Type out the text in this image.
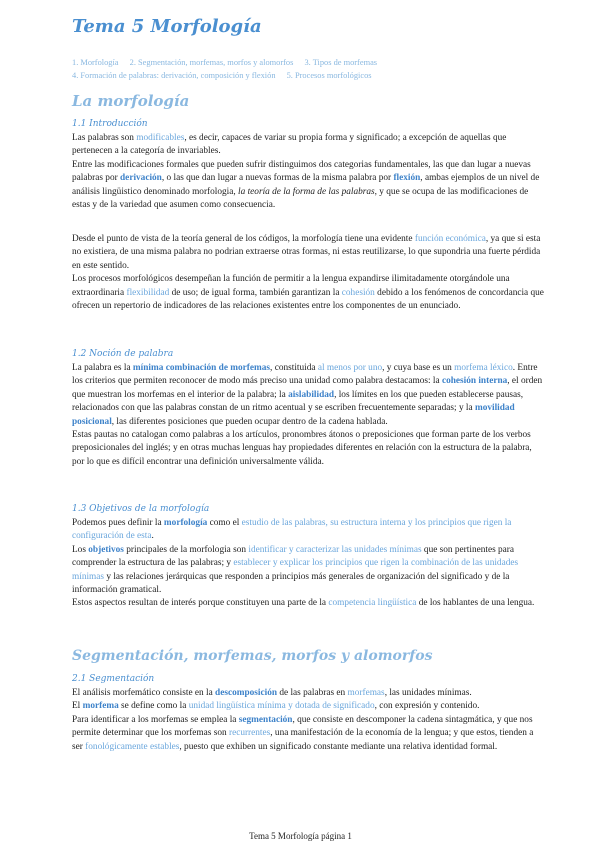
Tema 5 Morfología
1. Morfología 2. Segmentación, morfemas, morfos y alomorfos 3. Tipos de morfemas
4. Formación de palabras: derivación, composición y flexión 5. Procesos morfológicos
La morfología
1.1 Introducción

Las palabras son modificables, es decir, capaces de variar su propia forma y significado; a excepción de aquellas que pertenecen a la categoría de invariables.

Entre las modificaciones formales que pueden sufrir distinguimos dos categorias fundamentales, las que dan lugar a nuevas palabras por derivación, o las que dan lugar a nuevas formas de la misma palabra por flexión, ambas ejemplos de un nivel de análisis lingüistico denominado morfologia, la teoría de la forma de las palabras, y que se ocupa de las modificaciones de estas y de la variedad que asumen como consecuencia.

Desde el punto de vista de la teoría general de los códigos, la morfología tiene una evidente función económica, ya que si esta no existiera, de una misma palabra no podrian extraerse otras formas, ni estas reutilizarse, lo que supondria una fuerte pérdida en este sentido.

Los procesos morfológicos desempeñan la función de permitir a la lengua expandirse ilimitadamente otorgándole una extraordinaria flexibilidad de uso; de igual forma, también garantizan la cohesión debido a los fenómenos de concordancia que ofrecen un repertorio de indicadores de las relaciones existentes entre los componentes de un enunciado.

1.2 Noción de palabra

La palabra es la mínima combinación de morfemas, constituida al menos por uno, y cuya base es un morfema léxico. Entre los criterios que permiten reconocer de modo más preciso una unidad como palabra destacamos: la cohesión interna, el orden que muestran los morfemas en el interior de la palabra; la aislabilidad, los límites en los que pueden establecerse pausas, relacionados con que las palabras constan de un ritmo acentual y se escriben frecuentemente separadas; y la movilidad posicional, las diferentes posiciones que pueden ocupar dentro de la cadena hablada.

Estas pautas no catalogan como palabras a los artículos, pronombres átonos o preposiciones que forman parte de los verbos preposicionales del inglés; y en otras muchas lenguas hay propiedades diferentes en relación con la estructura de la palabra, por lo que es difícil encontrar una definición universalmente válida.

1.3 Objetivos de la morfología

Podemos pues definir la morfología como el estudio de las palabras, su estructura interna y los principios que rigen la configuración de esta.

Los objetivos principales de la morfologia son identificar y caracterizar las unidades mínimas que son pertinentes para comprender la estructura de las palabras; y establecer y explicar los principios que rigen la combinación de las unidades mínimas y las relaciones jerárquicas que responden a principios más generales de organización del significado y de la información gramatical.

Estos aspectos resultan de interés porque constituyen una parte de la competencia lingüística de los hablantes de una lengua.

Segmentación, morfemas, morfos y alomorfos
2.1 Segmentación

El análisis morfemático consiste en la descomposición de las palabras en morfemas, las unidades mínimas.

El morfema se define como la unidad lingüística mínima y dotada de significado, con expresión y contenido.

Para identificar a los morfemas se emplea la segmentación, que consiste en descomponer la cadena sintagmática, y que nos permite determinar que los morfemas son recurrentes, una manifestación de la economía de la lengua; y que estos, tienden a ser fonológicamente estables, puesto que exhiben un significado constante mediante una relativa identidad formal.

Tema 5 Morfología página 1
